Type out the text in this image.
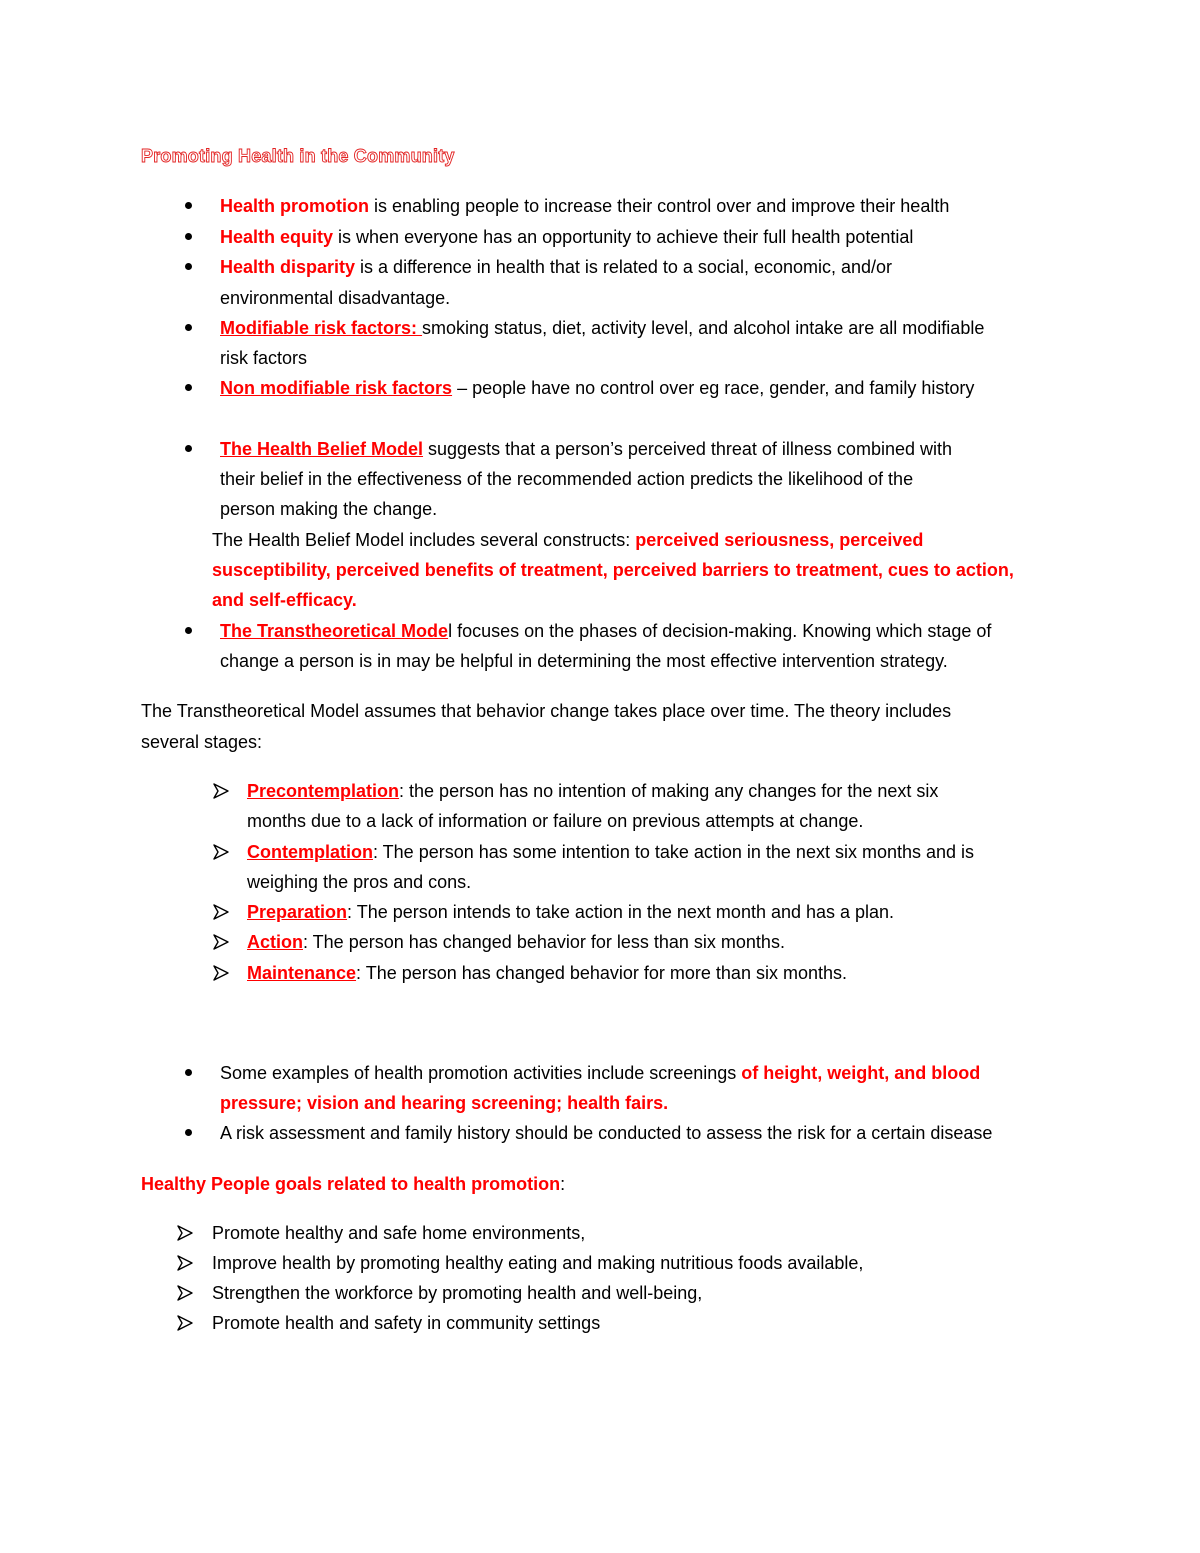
Promoting Health in the Community
Health promotion is enabling people to increase their control over and improve their health
Health equity is when everyone has an opportunity to achieve their full health potential
Health disparity is a difference in health that is related to a social, economic, and/or
environmental disadvantage.
Modifiable risk factors: smoking status, diet, activity level, and alcohol intake are all modifiable
risk factors
Non modifiable risk factors – people have no control over eg race, gender, and family history
The Health Belief Model suggests that a person’s perceived threat of illness combined with
their belief in the effectiveness of the recommended action predicts the likelihood of the
person making the change.
The Health Belief Model includes several constructs: perceived seriousness, perceived
susceptibility, perceived benefits of treatment, perceived barriers to treatment, cues to action,
and self-efficacy.
The Transtheoretical Model focuses on the phases of decision-making. Knowing which stage of
change a person is in may be helpful in determining the most effective intervention strategy.
The Transtheoretical Model assumes that behavior change takes place over time. The theory includes
several stages:
Precontemplation: the person has no intention of making any changes for the next six
months due to a lack of information or failure on previous attempts at change.
Contemplation: The person has some intention to take action in the next six months and is
weighing the pros and cons.
Preparation: The person intends to take action in the next month and has a plan.
Action: The person has changed behavior for less than six months.
Maintenance: The person has changed behavior for more than six months.
Some examples of health promotion activities include screenings of height, weight, and blood
pressure; vision and hearing screening; health fairs.
A risk assessment and family history should be conducted to assess the risk for a certain disease
Healthy People goals related to health promotion:
Promote healthy and safe home environments,
Improve health by promoting healthy eating and making nutritious foods available,
Strengthen the workforce by promoting health and well-being,
Promote health and safety in community settings
